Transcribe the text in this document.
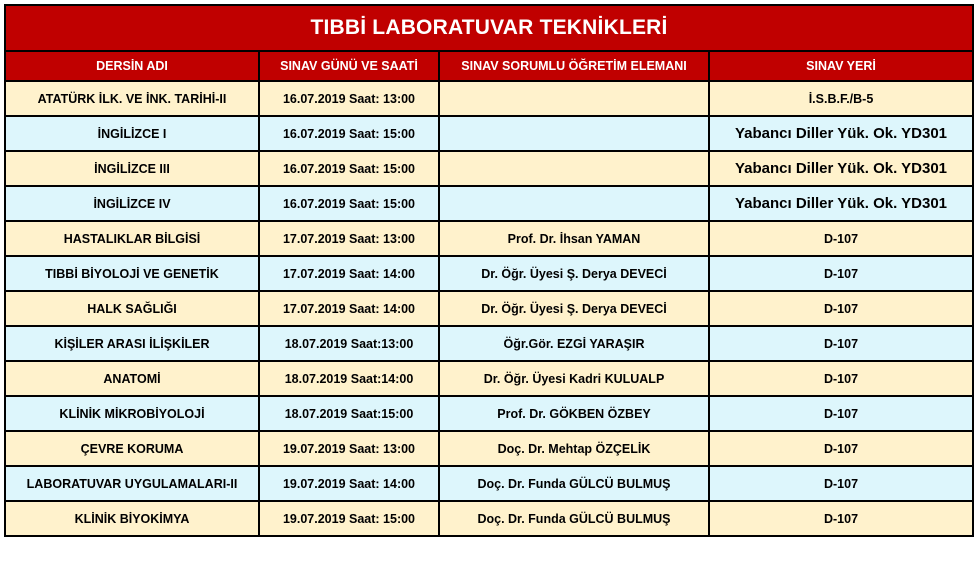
TIBBİ LABORATUVAR TEKNİKLERİ			
DERSİN ADI	SINAV GÜNÜ VE SAATİ	SINAV SORUMLU ÖĞRETİM ELEMANI	SINAV YERİ
ATATÜRK İLK. VE İNK. TARİHİ-II	16.07.2019 Saat: 13:00		İ.S.B.F./B-5
İNGİLİZCE I	16.07.2019 Saat: 15:00		Yabancı Diller Yük. Ok. YD301
İNGİLİZCE III	16.07.2019 Saat: 15:00		Yabancı Diller Yük. Ok. YD301
İNGİLİZCE IV	16.07.2019 Saat: 15:00		Yabancı Diller Yük. Ok. YD301
HASTALIKLAR BİLGİSİ	17.07.2019 Saat: 13:00	Prof. Dr. İhsan YAMAN	D-107
TIBBİ BİYOLOJİ VE GENETİK	17.07.2019 Saat: 14:00	Dr. Öğr. Üyesi Ş. Derya DEVECİ	D-107
HALK SAĞLIĞI	17.07.2019 Saat: 14:00	Dr. Öğr. Üyesi Ş. Derya DEVECİ	D-107
KİŞİLER ARASI İLİŞKİLER	18.07.2019 Saat:13:00	Öğr.Gör. EZGİ YARAŞIR	D-107
ANATOMİ	18.07.2019 Saat:14:00	Dr. Öğr. Üyesi Kadri KULUALP	D-107
KLİNİK MİKROBİYOLOJİ	18.07.2019 Saat:15:00	Prof. Dr. GÖKBEN ÖZBEY	D-107
ÇEVRE KORUMA	19.07.2019 Saat: 13:00	Doç. Dr. Mehtap ÖZÇELİK	D-107
LABORATUVAR UYGULAMALARI-II	19.07.2019 Saat: 14:00	Doç. Dr. Funda GÜLCÜ BULMUŞ	D-107
KLİNİK BİYOKİMYA	19.07.2019 Saat: 15:00	Doç. Dr. Funda GÜLCÜ BULMUŞ	D-107
